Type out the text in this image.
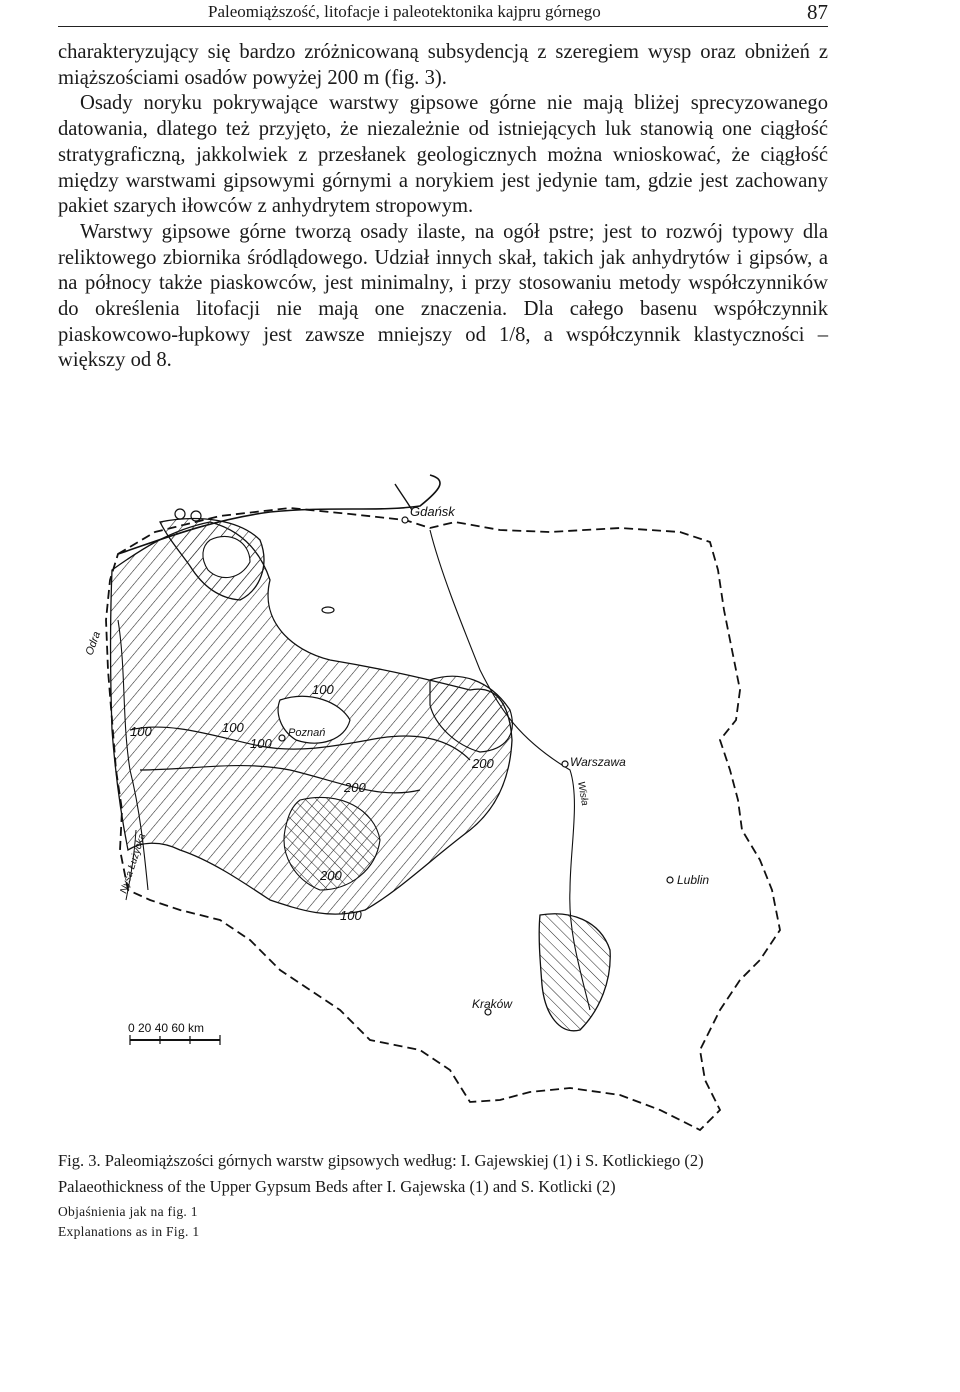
Paleomiąższość, litofacje i paleotektonika kajpru górnego	87

charakteryzujący się bardzo zróżnicowaną subsydencją z szeregiem wysp oraz obniżeń z miąższościami osadów powyżej 200 m (fig. 3).

Osady noryku pokrywające warstwy gipsowe górne nie mają bliżej sprecyzowanego datowania, dlatego też przyjęto, że niezależnie od istniejących luk stanowią one ciągłość stratygraficzną, jakkolwiek z przesłanek geologicznych można wnioskować, że ciągłość między warstwami gipsowymi górnymi a norykiem jest jedynie tam, gdzie jest zachowany pakiet szarych iłowców z anhydrytem stropowym.

Warstwy gipsowe górne tworzą osady ilaste, na ogół pstre; jest to rozwój typowy dla reliktowego zbiornika śródlądowego. Udział innych skał, takich jak anhydrytów i gipsów, a na północy także piaskowców, jest minimalny, i przy stosowaniu metody współczynników do określenia litofacji nie mają one znaczenia. Dla całego basenu współczynnik piaskowcowo-łupkowy jest zawsze mniejszy od 1/8, a współczynnik klastyczności – większy od 8.

Gdańsk
Warszawa
Lublin
Kraków
Poznań
Wisła
Odra
Nysa Łużycka
100	100
100
200
200
200
100
100
0 20 40 60 km
Fig. 3. Paleomiąższości górnych warstw gipsowych według: I. Gajewskiej (1) i S. Kotlickiego (2)
Palaeothickness of the Upper Gypsum Beds after I. Gajewska (1) and S. Kotlicki (2)
Objaśnienia jak na fig. 1
Explanations as in Fig. 1
